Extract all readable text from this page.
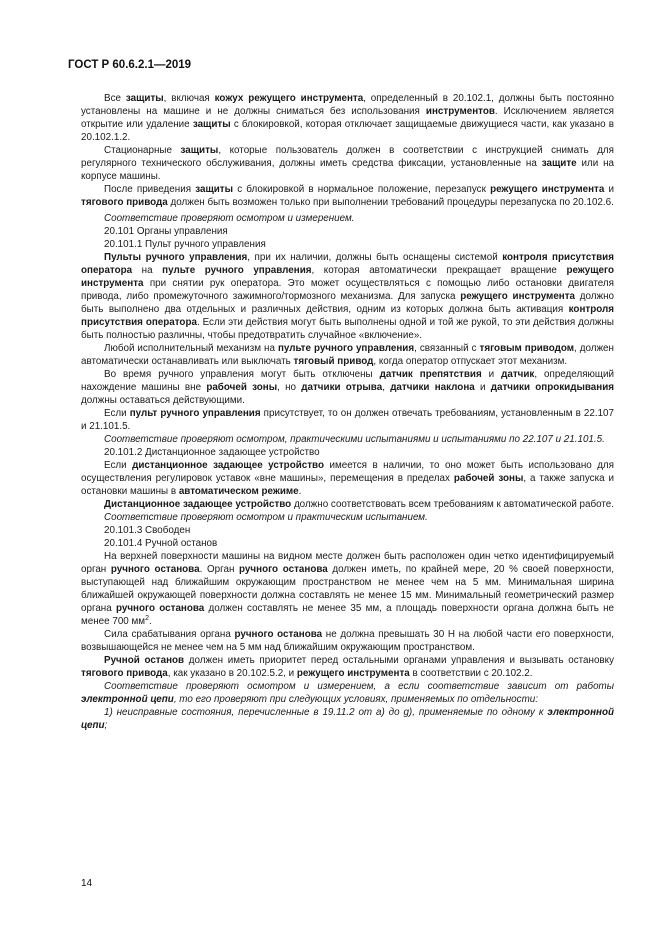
ГОСТ Р 60.6.2.1—2019

Все защиты, включая кожух режущего инструмента, определенный в 20.102.1, должны быть постоянно установлены на машине и не должны сниматься без использования инструментов. Исключением является открытие или удаление защиты с блокировкой, которая отключает защищаемые движущиеся части, как указано в 20.102.1.2.

Стационарные защиты, которые пользователь должен в соответствии с инструкцией снимать для регулярного технического обслуживания, должны иметь средства фиксации, установленные на защите или на корпусе машины.

После приведения защиты с блокировкой в нормальное положение, перезапуск режущего инструмента и тягового привода должен быть возможен только при выполнении требований процедуры перезапуска по 20.102.6.

Соответствие проверяют осмотром и измерением.

20.101 Органы управления

20.101.1 Пульт ручного управления

Пульты ручного управления, при их наличии, должны быть оснащены системой контроля присутствия оператора на пульте ручного управления, которая автоматически прекращает вращение режущего инструмента при снятии рук оператора. Это может осуществляться с помощью либо остановки двигателя привода, либо промежуточного зажимного/тормозного механизма. Для запуска режущего инструмента должно быть выполнено два отдельных и различных действия, одним из которых должна быть активация контроля присутствия оператора. Если эти действия могут быть выполнены одной и той же рукой, то эти действия должны быть полностью различны, чтобы предотвратить случайное «включение».

Любой исполнительный механизм на пульте ручного управления, связанный с тяговым приводом, должен автоматически останавливать или выключать тяговый привод, когда оператор отпускает этот механизм.

Во время ручного управления могут быть отключены датчик препятствия и датчик, определяющий нахождение машины вне рабочей зоны, но датчики отрыва, датчики наклона и датчики опрокидывания должны оставаться действующими.

Если пульт ручного управления присутствует, то он должен отвечать требованиям, установленным в 22.107 и 21.101.5.

Соответствие проверяют осмотром, практическими испытаниями и испытаниями по 22.107 и 21.101.5.

20.101.2 Дистанционное задающее устройство

Если дистанционное задающее устройство имеется в наличии, то оно может быть использовано для осуществления регулировок уставок «вне машины», перемещения в пределах рабочей зоны, а также запуска и остановки машины в автоматическом режиме.

Дистанционное задающее устройство должно соответствовать всем требованиям к автоматической работе.

Соответствие проверяют осмотром и практическим испытанием.

20.101.3 Свободен

20.101.4 Ручной останов

На верхней поверхности машины на видном месте должен быть расположен один четко идентифицируемый орган ручного останова. Орган ручного останова должен иметь, по крайней мере, 20 % своей поверхности, выступающей над ближайшим окружающим пространством не менее чем на 5 мм. Минимальная ширина ближайшей окружающей поверхности должна составлять не менее 15 мм. Минимальный геометрический размер органа ручного останова должен составлять не менее 35 мм, а площадь поверхности органа должна быть не менее 700 $мм^2$.

Сила срабатывания органа ручного останова не должна превышать 30 Н на любой части его поверхности, возвышающейся не менее чем на 5 мм над ближайшим окружающим пространством.

Ручной останов должен иметь приоритет перед остальными органами управления и вызывать остановку тягового привода, как указано в 20.102.5.2, и режущего инструмента в соответствии с 20.102.2.

Соответствие проверяют осмотром и измерением, а если соответствие зависит от работы электронной цепи, то его проверяют при следующих условиях, применяемых по отдельности:

1) неисправные состояния, перечисленные в 19.11.2 от a) до g), применяемые по одному к электронной цепи;

14
